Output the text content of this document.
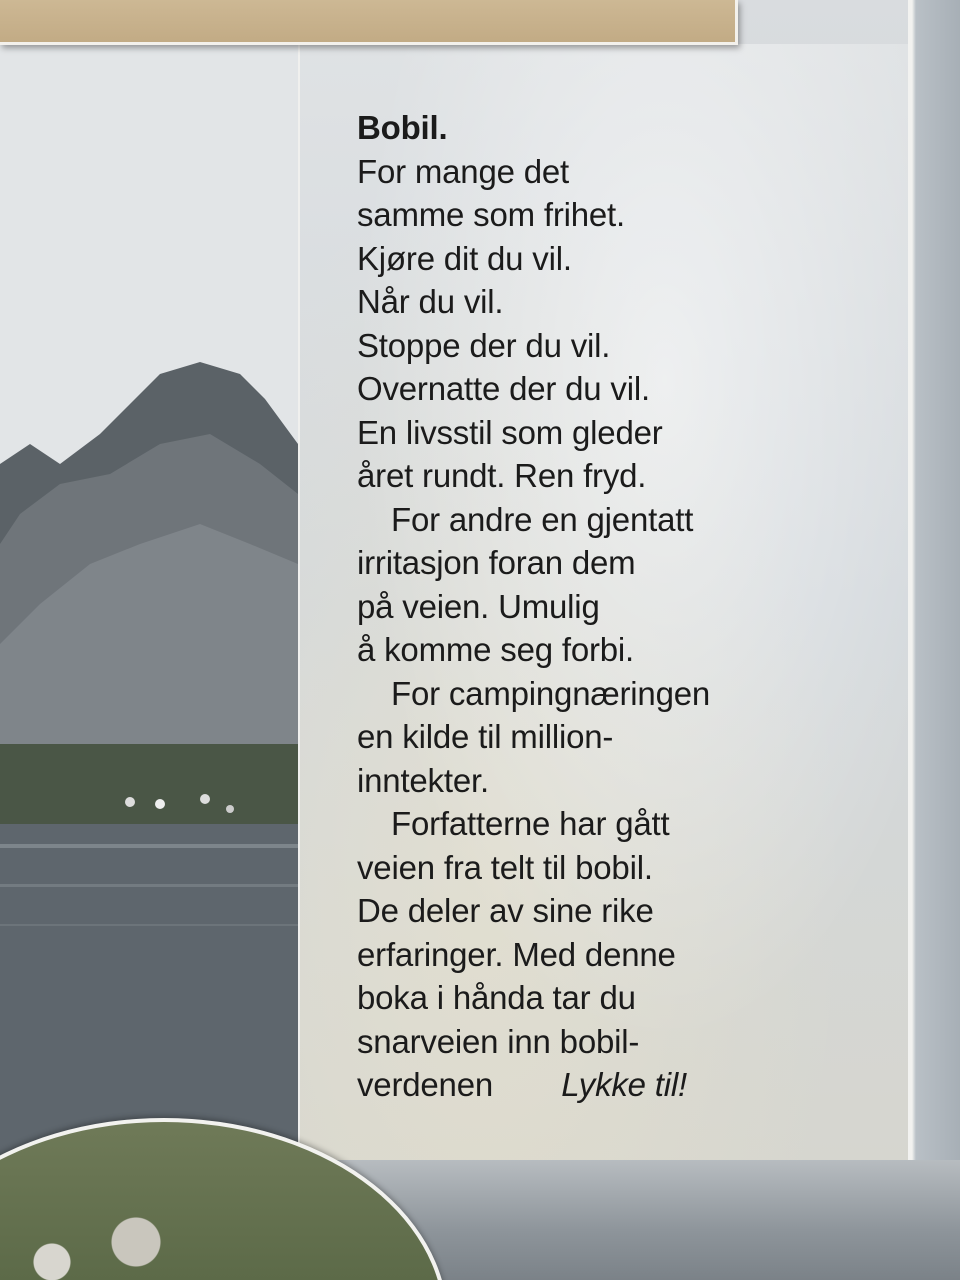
Bobil.
For mange det
samme som frihet.
Kjøre dit du vil.
Når du vil.
Stoppe der du vil.
Overnatte der du vil.
En livsstil som gleder
året rundt. Ren fryd.
For andre en gjentatt
irritasjon foran dem
på veien. Umulig
å komme seg forbi.
For campingnæringen
en kilde til million-
inntekter.
Forfatterne har gått
veien fra telt til bobil.
De deler av sine rike
erfaringer. Med denne
boka i hånda tar du
snarveien inn bobil-
verdenen Lykke til!
